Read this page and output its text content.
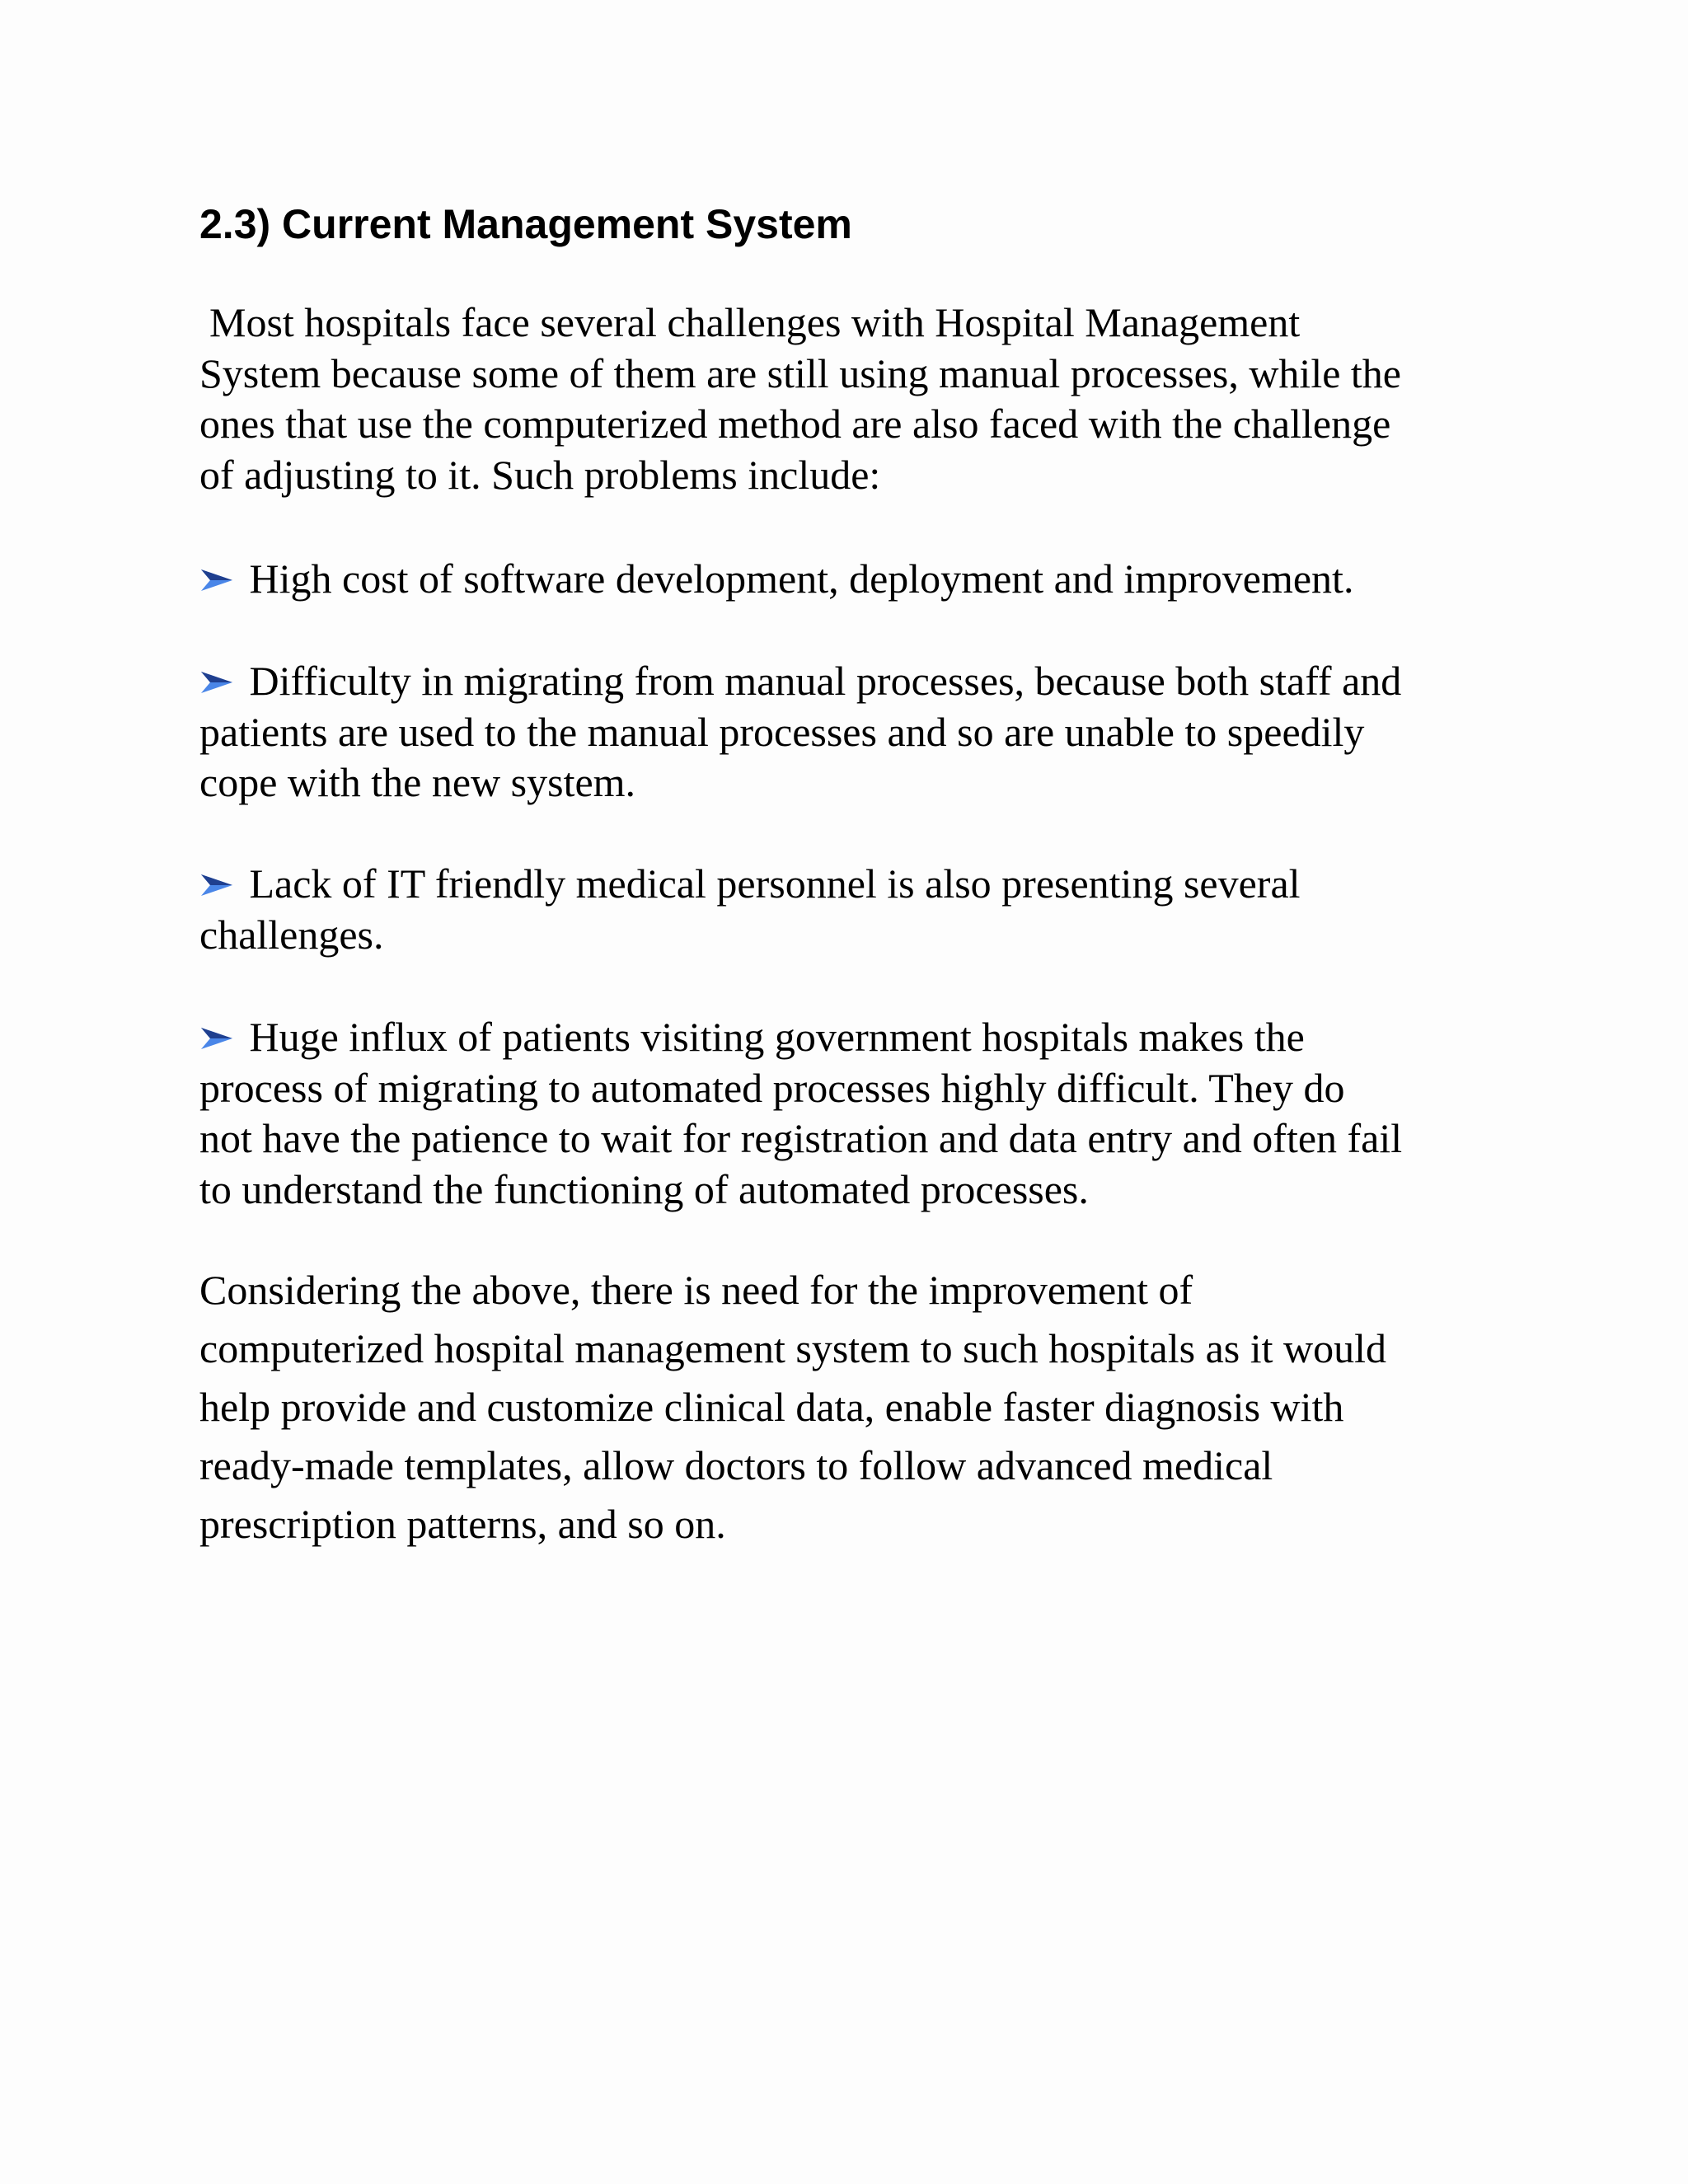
2.3) Current Management System

Most hospitals face several challenges with Hospital Management
System because some of them are still using manual processes, while the
ones that use the computerized method are also faced with the challenge
of adjusting to it. Such problems include:

High cost of software development, deployment and improvement.

Difficulty in migrating from manual processes, because both staff and
patients are used to the manual processes and so are unable to speedily
cope with the new system.

Lack of IT friendly medical personnel is also presenting several
challenges.

Huge influx of patients visiting government hospitals makes the
process of migrating to automated processes highly difficult. They do
not have the patience to wait for registration and data entry and often fail
to understand the functioning of automated processes.

Considering the above, there is need for the improvement of
computerized hospital management system to such hospitals as it would
help provide and customize clinical data, enable faster diagnosis with
ready-made templates, allow doctors to follow advanced medical
prescription patterns, and so on.
